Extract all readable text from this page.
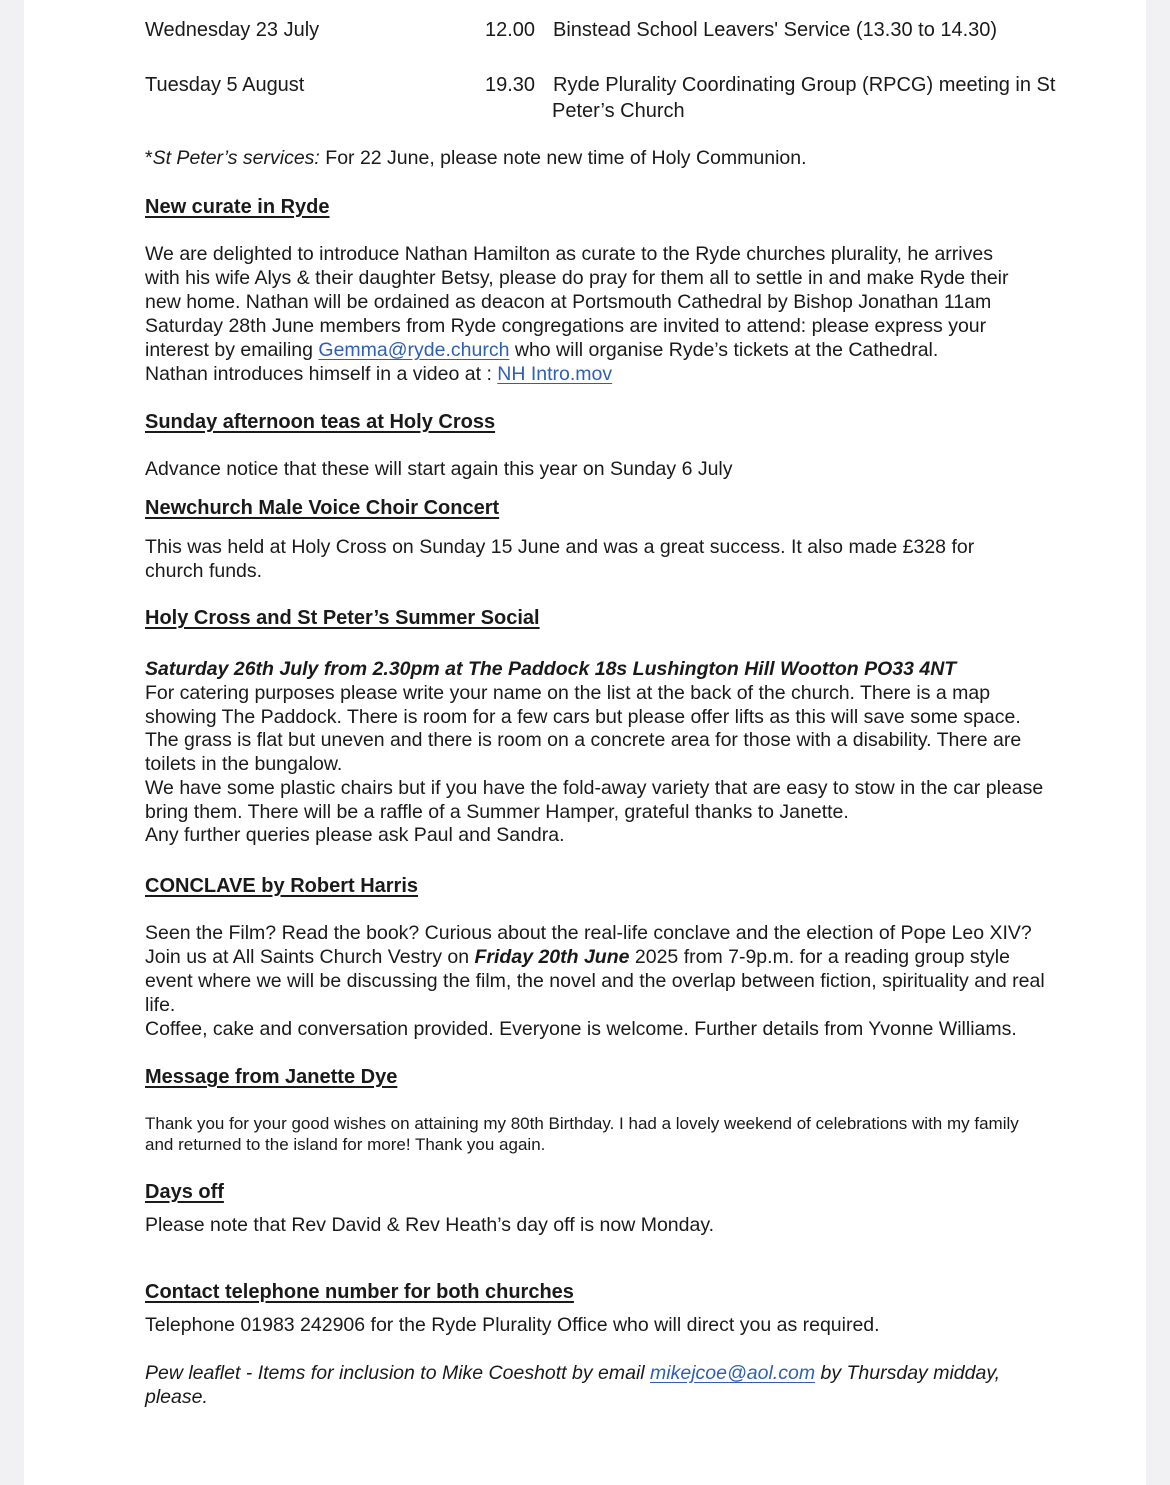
Wednesday 23 July	12.00 Binstead School Leavers' Service (13.30 to 14.30)
Tuesday 5 August	19.30 Ryde Plurality Coordinating Group (RPCG) meeting in St
Peter’s Church
*St Peter’s services: For 22 June, please note new time of Holy Communion.
New curate in Ryde
We are delighted to introduce Nathan Hamilton as curate to the Ryde churches plurality, he arrives
with his wife Alys & their daughter Betsy, please do pray for them all to settle in and make Ryde their
new home. Nathan will be ordained as deacon at Portsmouth Cathedral by Bishop Jonathan 11am
Saturday 28th June members from Ryde congregations are invited to attend: please express your
interest by emailing Gemma@ryde.church who will organise Ryde’s tickets at the Cathedral.
Nathan introduces himself in a video at : NH Intro.mov
Sunday afternoon teas at Holy Cross
Advance notice that these will start again this year on Sunday 6 July
Newchurch Male Voice Choir Concert
This was held at Holy Cross on Sunday 15 June and was a great success. It also made £328 for
church funds.
Holy Cross and St Peter’s Summer Social
Saturday 26th July from 2.30pm at The Paddock 18s Lushington Hill Wootton PO33 4NT
For catering purposes please write your name on the list at the back of the church. There is a map
showing The Paddock. There is room for a few cars but please offer lifts as this will save some space.
The grass is flat but uneven and there is room on a concrete area for those with a disability. There are
toilets in the bungalow.
We have some plastic chairs but if you have the fold-away variety that are easy to stow in the car please
bring them. There will be a raffle of a Summer Hamper, grateful thanks to Janette.
Any further queries please ask Paul and Sandra.
CONCLAVE by Robert Harris
Seen the Film? Read the book? Curious about the real-life conclave and the election of Pope Leo XIV?
Join us at All Saints Church Vestry on Friday 20th June 2025 from 7-9p.m. for a reading group style
event where we will be discussing the film, the novel and the overlap between fiction, spirituality and real
life.
Coffee, cake and conversation provided. Everyone is welcome. Further details from Yvonne Williams.
Message from Janette Dye
Thank you for your good wishes on attaining my 80th Birthday. I had a lovely weekend of celebrations with my family
and returned to the island for more! Thank you again.
Days off
Please note that Rev David & Rev Heath’s day off is now Monday.
Contact telephone number for both churches
Telephone 01983 242906 for the Ryde Plurality Office who will direct you as required.
Pew leaflet - Items for inclusion to Mike Coeshott by email mikejcoe@aol.com by Thursday midday,
please.
